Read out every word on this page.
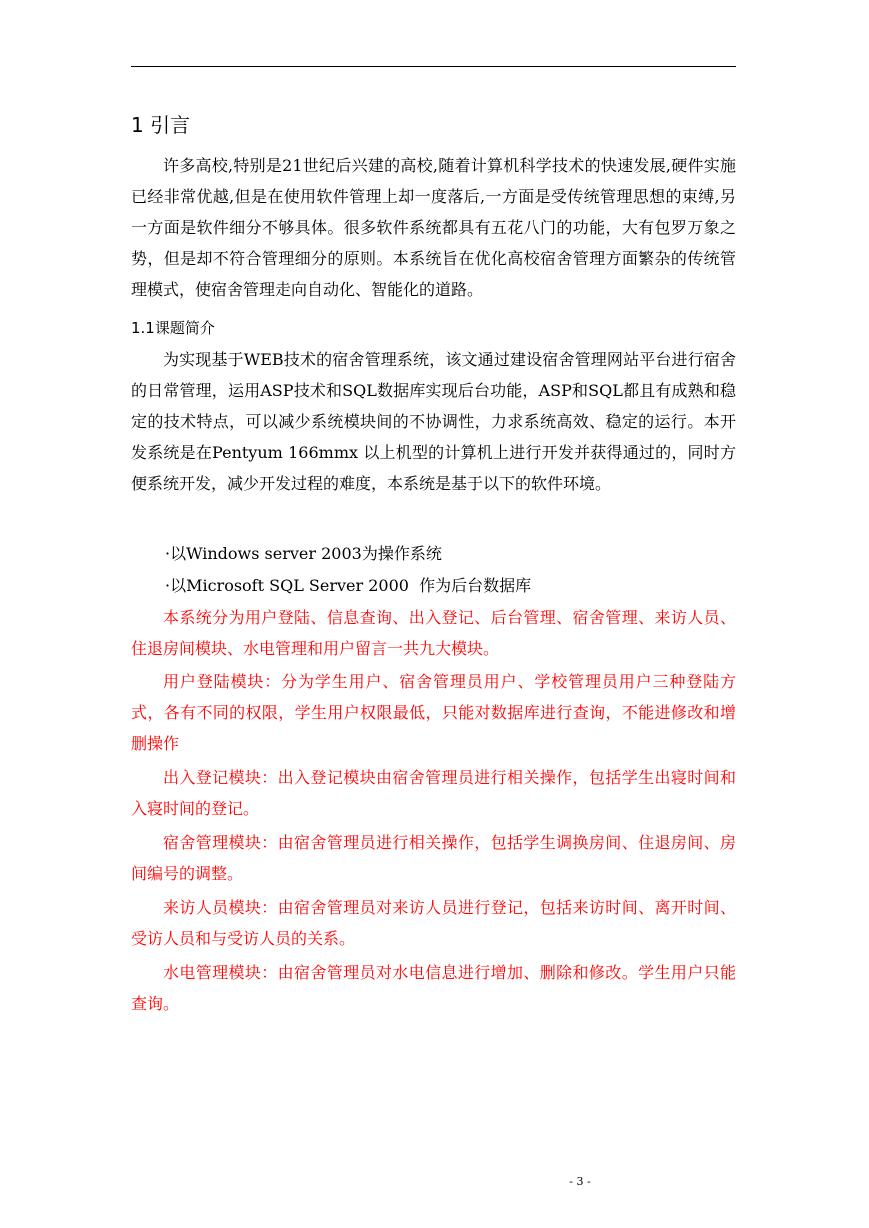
1 引言

许多高校,特别是21世纪后兴建的高校,随着计算机科学技术的快速发展,硬件实施已经非常优越,但是在使用软件管理上却一度落后,一方面是受传统管理思想的束缚,另一方面是软件细分不够具体。很多软件系统都具有五花八门的功能，大有包罗万象之势，但是却不符合管理细分的原则。本系统旨在优化高校宿舍管理方面繁杂的传统管理模式，使宿舍管理走向自动化、智能化的道路。

1.1课题简介

为实现基于WEB技术的宿舍管理系统，该文通过建设宿舍管理网站平台进行宿舍的日常管理，运用ASP技术和SQL数据库实现后台功能，ASP和SQL都且有成熟和稳定的技术特点，可以减少系统模块间的不协调性，力求系统高效、稳定的运行。本开发系统是在Pentyum 166mmx 以上机型的计算机上进行开发并获得通过的，同时方便系统开发，减少开发过程的难度，本系统是基于以下的软件环境。

·以Windows server 2003为操作系统

·以Microsoft SQL Server 2000  作为后台数据库

本系统分为用户登陆、信息查询、出入登记、后台管理、宿舍管理、来访人员、住退房间模块、水电管理和用户留言一共九大模块。

用户登陆模块：分为学生用户、宿舍管理员用户、学校管理员用户三种登陆方式，各有不同的权限，学生用户权限最低，只能对数据库进行查询，不能进修改和增删操作

出入登记模块：出入登记模块由宿舍管理员进行相关操作，包括学生出寝时间和入寝时间的登记。

宿舍管理模块：由宿舍管理员进行相关操作，包括学生调换房间、住退房间、房间编号的调整。

来访人员模块：由宿舍管理员对来访人员进行登记，包括来访时间、离开时间、受访人员和与受访人员的关系。

水电管理模块：由宿舍管理员对水电信息进行增加、删除和修改。学生用户只能查询。

- 3 -
